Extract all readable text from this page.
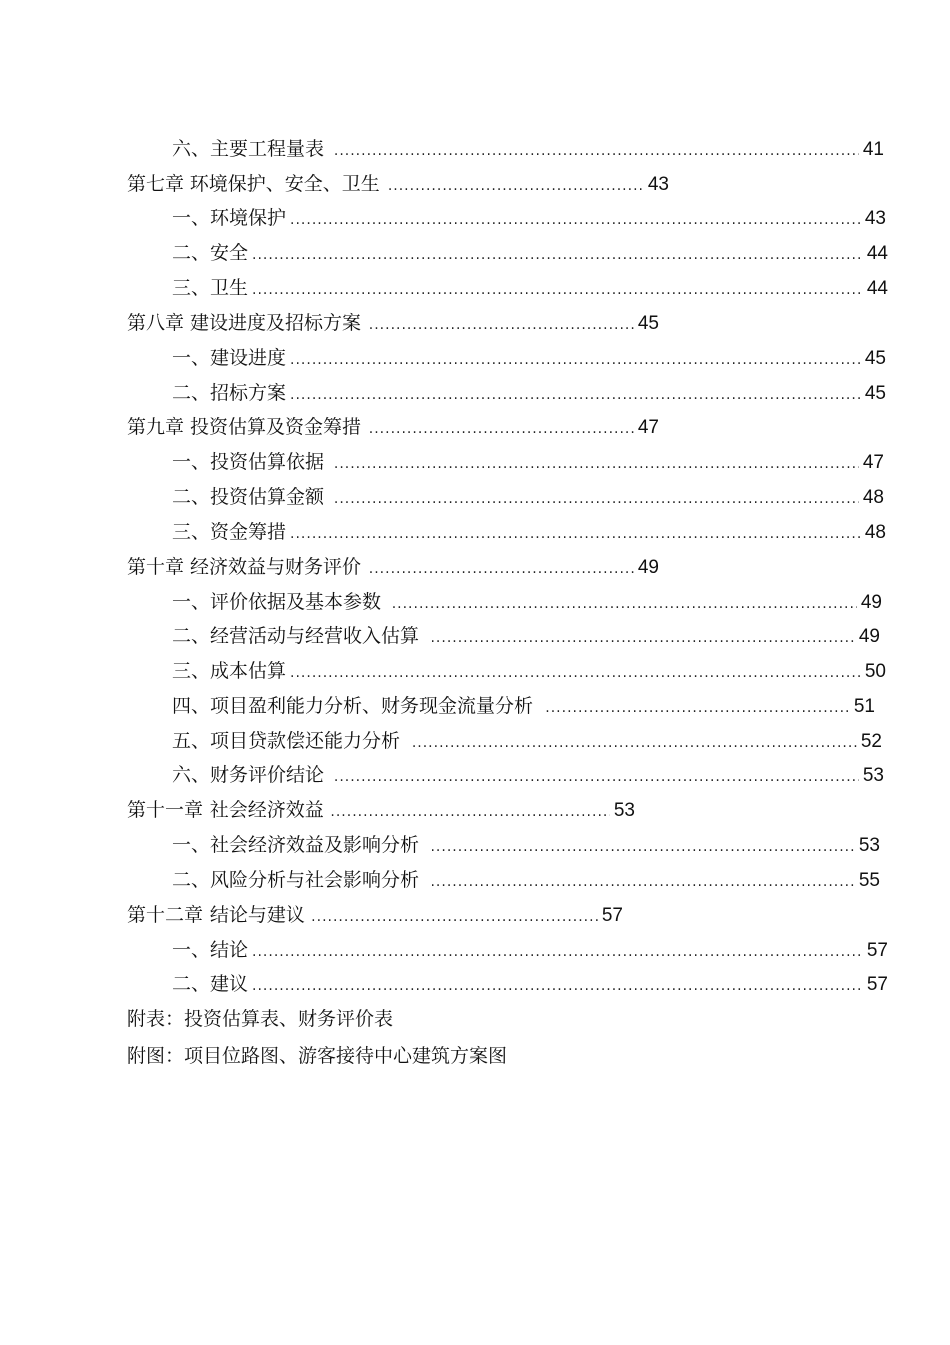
六、主要工程量表 .....	41
第七章 环境保护、安全、卫生 .....	43
一、环境保护 .....	43
二、安全 .....	44
三、卫生 .....	44
第八章 建设进度及招标方案 .....	45
一、建设进度 .....	45
二、招标方案 .....	45
第九章 投资估算及资金筹措 .....	47
一、投资估算依据 .....	47
二、投资估算金额 .....	48
三、资金筹措 .....	48
第十章 经济效益与财务评价 .....	49
一、评价依据及基本参数 .....	49
二、经营活动与经营收入估算 .....	49
三、成本估算 .....	50
四、项目盈利能力分析、财务现金流量分析 .....	51
五、项目贷款偿还能力分析 .....	52
六、财务评价结论 .....	53
第十一章 社会经济效益 .....	53
一、社会经济效益及影响分析 .....	53
二、风险分析与社会影响分析 .....	55
第十二章 结论与建议 .....	57
一、结论 .....	57
二、建议 .....	57
附表：投资估算表、财务评价表
附图：项目位路图、游客接待中心建筑方案图
